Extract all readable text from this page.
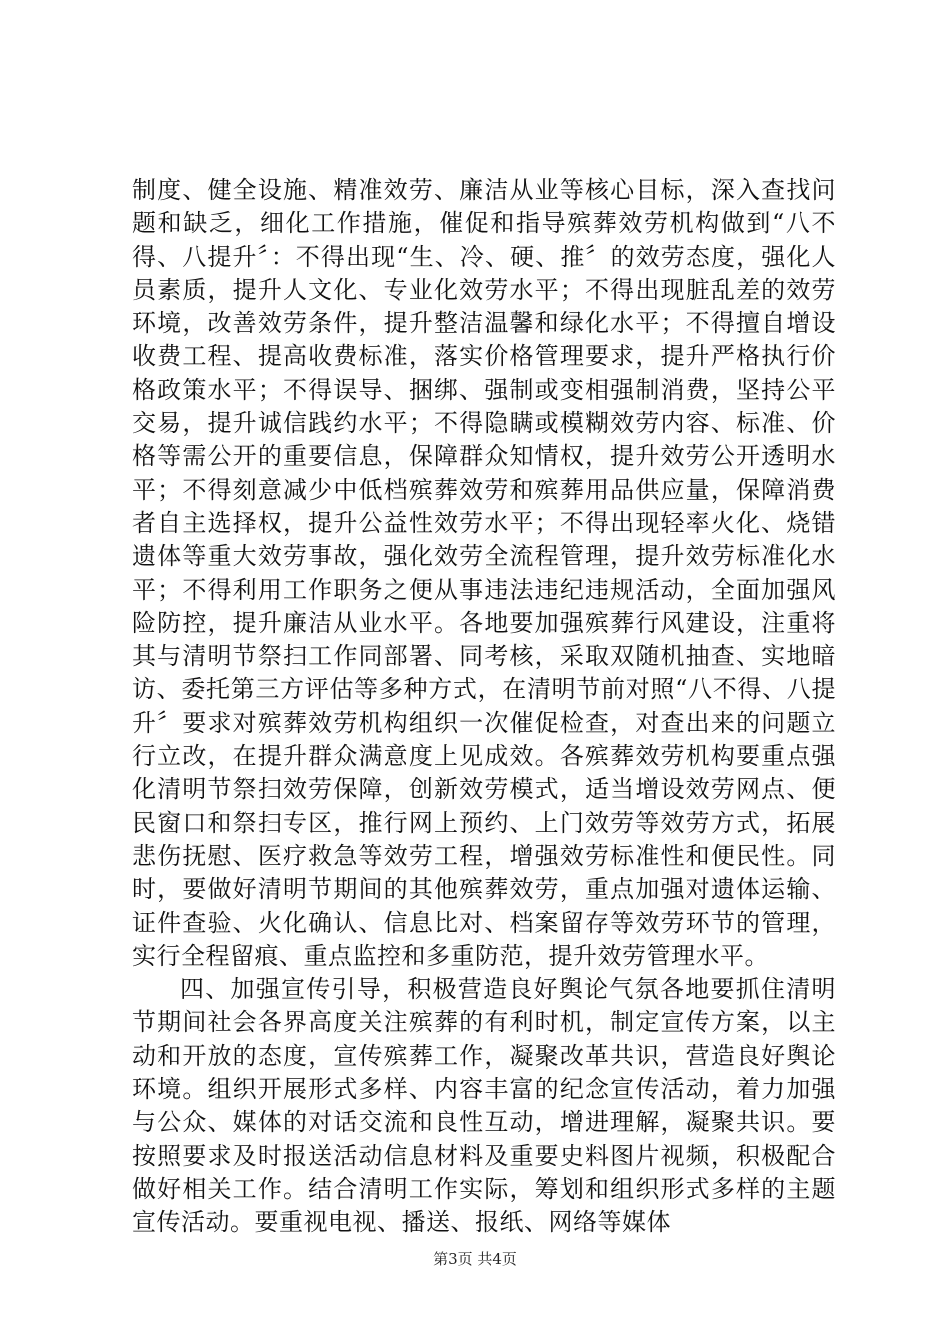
制度、健全设施、精准效劳、廉洁从业等核心目标，深入查找问题和缺乏，细化工作措施，催促和指导殡葬效劳机构做到“八不得、八提升〞：不得出现“生、冷、硬、推〞的效劳态度，强化人员素质，提升人文化、专业化效劳水平；不得出现脏乱差的效劳环境，改善效劳条件，提升整洁温馨和绿化水平；不得擅自增设收费工程、提高收费标准，落实价格管理要求，提升严格执行价格政策水平；不得误导、捆绑、强制或变相强制消费，坚持公平交易，提升诚信践约水平；不得隐瞒或模糊效劳内容、标准、价格等需公开的重要信息，保障群众知情权，提升效劳公开透明水平；不得刻意减少中低档殡葬效劳和殡葬用品供应量，保障消费者自主选择权，提升公益性效劳水平；不得出现轻率火化、烧错遗体等重大效劳事故，强化效劳全流程管理，提升效劳标准化水平；不得利用工作职务之便从事违法违纪违规活动，全面加强风险防控，提升廉洁从业水平。各地要加强殡葬行风建设，注重将其与清明节祭扫工作同部署、同考核，采取双随机抽查、实地暗访、委托第三方评估等多种方式，在清明节前对照“八不得、八提升〞要求对殡葬效劳机构组织一次催促检查，对查出来的问题立行立改，在提升群众满意度上见成效。各殡葬效劳机构要重点强化清明节祭扫效劳保障，创新效劳模式，适当增设效劳网点、便民窗口和祭扫专区，推行网上预约、上门效劳等效劳方式，拓展悲伤抚慰、医疗救急等效劳工程，增强效劳标准性和便民性。同时，要做好清明节期间的其他殡葬效劳，重点加强对遗体运输、证件查验、火化确认、信息比对、档案留存等效劳环节的管理，实行全程留痕、重点监控和多重防范，提升效劳管理水平。

四、加强宣传引导，积极营造良好舆论气氛各地要抓住清明节期间社会各界高度关注殡葬的有利时机，制定宣传方案，以主动和开放的态度，宣传殡葬工作，凝聚改革共识，营造良好舆论环境。组织开展形式多样、内容丰富的纪念宣传活动，着力加强与公众、媒体的对话交流和良性互动，增进理解，凝聚共识。要按照要求及时报送活动信息材料及重要史料图片视频，积极配合做好相关工作。结合清明工作实际，筹划和组织形式多样的主题宣传活动。要重视电视、播送、报纸、网络等媒体

第3页 共4页
